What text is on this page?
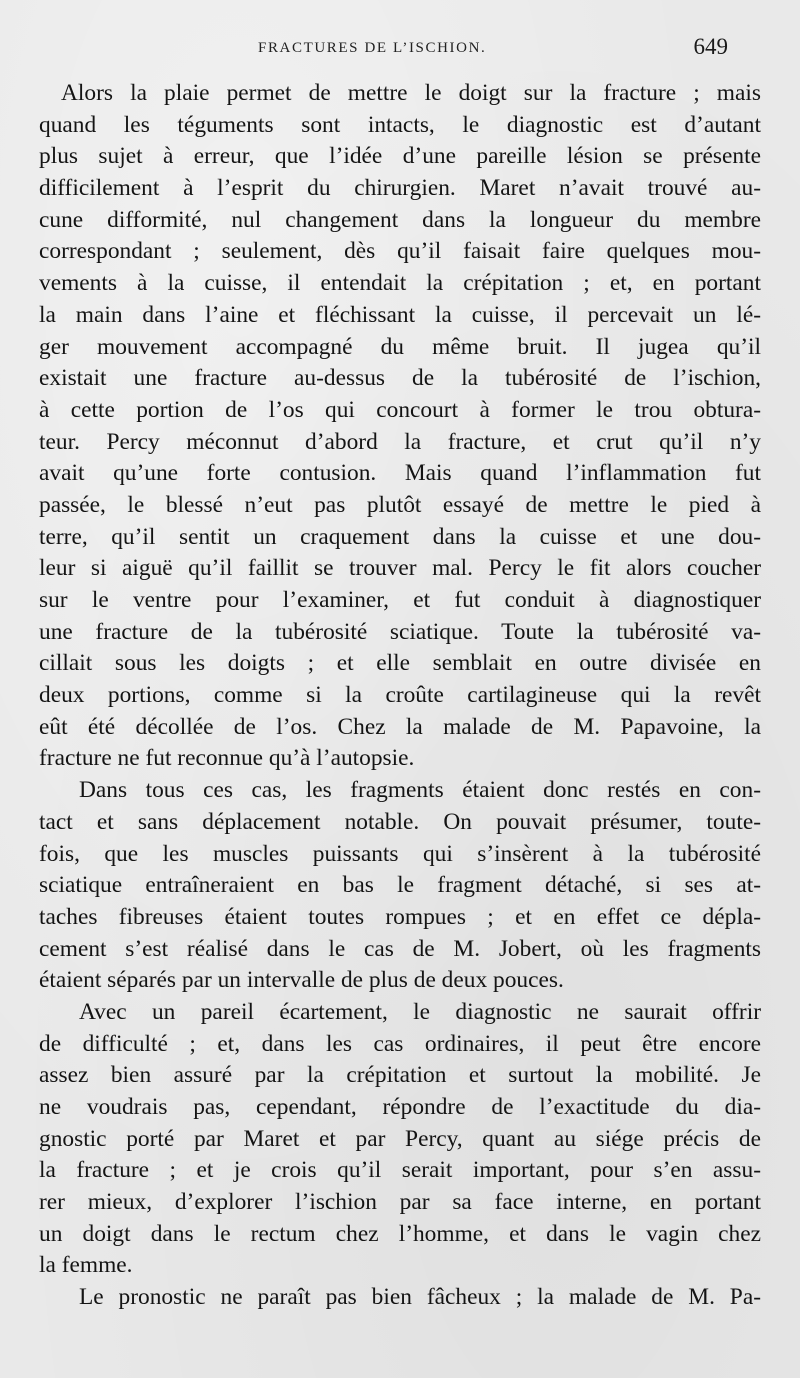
FRACTURES DE L’ISCHION.	649

Alors la plaie permet de mettre le doigt sur la fracture ; mais
quand les téguments sont intacts, le diagnostic est d’autant
plus sujet à erreur, que l’idée d’une pareille lésion se présente
difficilement à l’esprit du chirurgien. Maret n’avait trouvé au-
cune difformité, nul changement dans la longueur du membre
correspondant ; seulement, dès qu’il faisait faire quelques mou-
vements à la cuisse, il entendait la crépitation ; et, en portant
la main dans l’aine et fléchissant la cuisse, il percevait un lé-
ger mouvement accompagné du même bruit. Il jugea qu’il
existait une fracture au-dessus de la tubérosité de l’ischion,
à cette portion de l’os qui concourt à former le trou obtura-
teur. Percy méconnut d’abord la fracture, et crut qu’il n’y
avait qu’une forte contusion. Mais quand l’inflammation fut
passée, le blessé n’eut pas plutôt essayé de mettre le pied à
terre, qu’il sentit un craquement dans la cuisse et une dou-
leur si aiguë qu’il faillit se trouver mal. Percy le fit alors coucher
sur le ventre pour l’examiner, et fut conduit à diagnostiquer
une fracture de la tubérosité sciatique. Toute la tubérosité va-
cillait sous les doigts ; et elle semblait en outre divisée en
deux portions, comme si la croûte cartilagineuse qui la revêt
eût été décollée de l’os. Chez la malade de M. Papavoine, la
fracture ne fut reconnue qu’à l’autopsie.

Dans tous ces cas, les fragments étaient donc restés en con-
tact et sans déplacement notable. On pouvait présumer, toute-
fois, que les muscles puissants qui s’insèrent à la tubérosité
sciatique entraîneraient en bas le fragment détaché, si ses at-
taches fibreuses étaient toutes rompues ; et en effet ce dépla-
cement s’est réalisé dans le cas de M. Jobert, où les fragments
étaient séparés par un intervalle de plus de deux pouces.

Avec un pareil écartement, le diagnostic ne saurait offrir
de difficulté ; et, dans les cas ordinaires, il peut être encore
assez bien assuré par la crépitation et surtout la mobilité. Je
ne voudrais pas, cependant, répondre de l’exactitude du dia-
gnostic porté par Maret et par Percy, quant au siége précis de
la fracture ; et je crois qu’il serait important, pour s’en assu-
rer mieux, d’explorer l’ischion par sa face interne, en portant
un doigt dans le rectum chez l’homme, et dans le vagin chez
la femme.

Le pronostic ne paraît pas bien fâcheux ; la malade de M. Pa-
